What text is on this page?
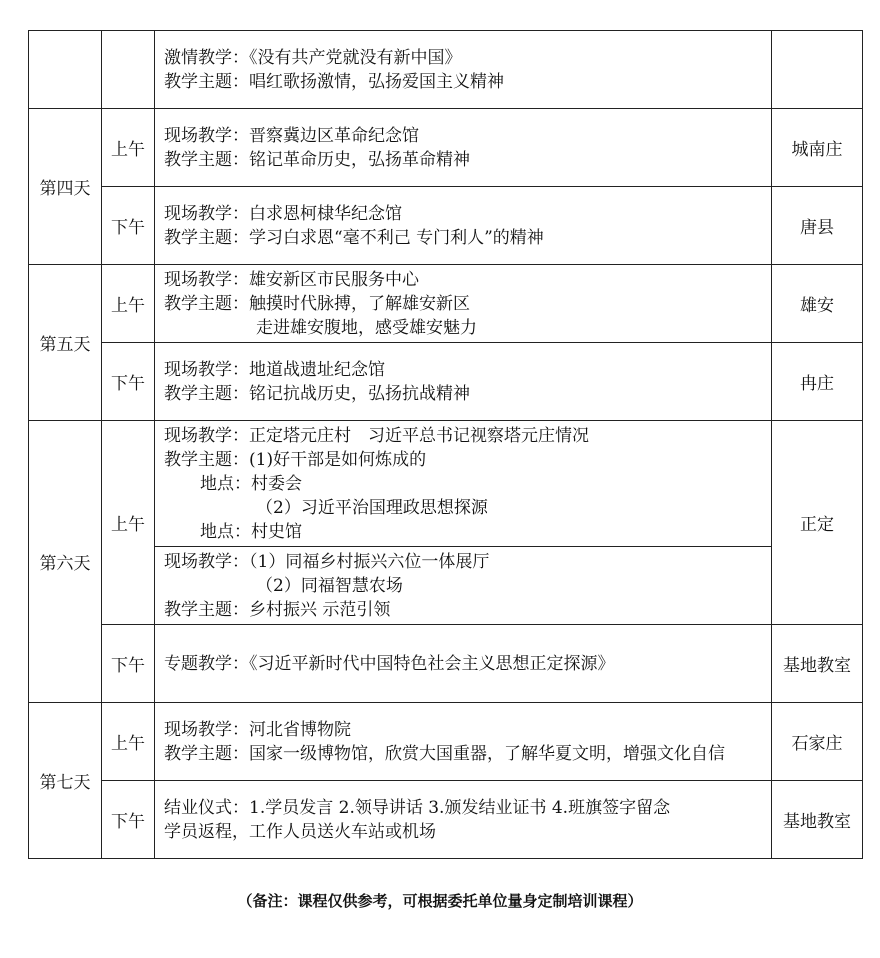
		激情教学：《没有共产党就没有新中国》
教学主题：唱红歌扬激情，弘扬爱国主义精神	

第四天	上午	现场教学：晋察冀边区革命纪念馆
教学主题：铭记革命历史，弘扬革命精神	城南庄
	下午	现场教学：白求恩柯棣华纪念馆
教学主题：学习白求恩“毫不利己 专门利人”的精神	唐县
第五天	上午	现场教学：雄安新区市民服务中心
教学主题：触摸时代脉搏，了解雄安新区
走进雄安腹地，感受雄安魅力	雄安
	下午	现场教学：地道战遗址纪念馆
教学主题：铭记抗战历史，弘扬抗战精神	冉庄
第六天	上午	现场教学：正定塔元庄村　习近平总书记视察塔元庄情况
教学主题：(1)好干部是如何炼成的
地点：村委会
（2）习近平治国理政思想探源
地点：村史馆	正定

		现场教学：（1）同福乡村振兴六位一体展厅
（2）同福智慧农场
教学主题：乡村振兴 示范引领	

	下午	专题教学：《习近平新时代中国特色社会主义思想正定探源》	基地教室
第七天	上午	现场教学：河北省博物院
教学主题：国家一级博物馆，欣赏大国重器，了解华夏文明，增强文化自信	石家庄
	下午	结业仪式：1.学员发言 2.领导讲话 3.颁发结业证书 4.班旗签字留念
学员返程，工作人员送火车站或机场	基地教室
（备注：课程仅供参考，可根据委托单位量身定制培训课程）
